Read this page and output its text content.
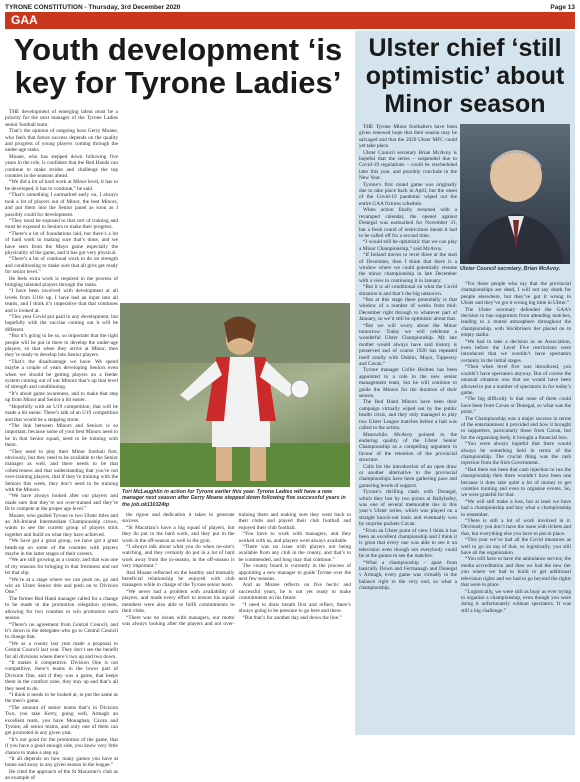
TYRONE CONSTITUTION - Thursday, 3rd December 2020	Page 13
GAA
Youth development ‘is key for Tyrone Ladies’

THE development of emerging talent must be a priority for the next manager of the Tyrone Ladies senior football team.

That’s the opinion of outgoing boss Gerry Moane, who feels that future success depends on the quality and progress of young players coming through the under-age ranks.

Moane, who has stepped down following five years in the role, is confident that the Red Hands can continue to make strides and challenge the top counties in the seasons ahead.

“We did a lot of hard work at Minor level, it has to be developed, it has to continue,” he said.

“That’s something I earmarked early on, I always took a lot of players out of Minor, the best Minors, and put them into the Senior panel as soon as I possibly could for development.

“They must be exposed to that sort of training and must be exposed to Seniors to make their progress.

“There’s a lot of foundations laid, but there’s a lot of hard work in making sure that’s done, and we have seen from the Mayo game especially the physicality of the game, and it has got very physical.

“There’s a lot of continual work to do on strength and conditioning to make sure that all girls get ready for senior level.”

He feels extra work is required in the process of bringing talented players through the ranks.

“I have been involved with development at all levels from U16s up, I have had an input into all teams, and I think it’s imperative that that continues and is looked at.

“This year Covid put paid to any development, but hopefully with the vaccine coming out it will be different.

“But it’s going to be so, so important that the right people will be put in there to develop the under-age players, so that when they arrive at Minor, then they’re ready to develop into Senior players.

“That’s the disadvantage we have. We spend maybe a couple of years developing Seniors even when we should be getting players on a feeder system coming out of our Minors that’s up that level of strength and conditioning.

“It’s about game awareness, and to make that step up from Minor and Senior a bit easier.

“Hopefully with an U19 competition, that will be made a bit easier. There’s talk of an U19 competition and that would be a stepping stone.

“The link between Minors and Seniors is so important, because some of your best Minors need to be in that Senior squad, need to be training with them.

“They need to play their Minor football first, obviously, but they need to be available to the Senior manager as well, and there needs to be that cohesiveness and that understanding that you’re not over-training players, that if they’re training with the Seniors this week, they don’t need to be training with the Minors.

“We have always looked after our players and made sure that they’re not over-trained and they’re fit to compete at the proper age level.”

Moane, who guided Tyrone to two Ulster titles and an All-Ireland Intermediate Championship crown, wants to see the current group of players stick together and build on what they have achieved.

“We have got a great group, we have got a great heads-up on some of the counties with players maybe in the latter stages of their careers.

“We are still growing as a county, and that was one of my reasons for bringing in that freshness and not let that slip.

“We’re at a stage where we can push on, go and win an Ulster Senior title and push on to Division One.”

The former Red Hand manager called for a change to be made in the promotion relegation system, allowing for two counties to win promotion each season.

“There’s no agreement from Central Council, and it’s down to the delegates who go to Central Council to change that.

“We as a county last year made a proposal to Central Council last year. They don’t see the benefit for all divisions where there’s two up and two down.

“It makes it competitive. Division One is not competitive, there’s teams in the lower part of Division One, and if they was a game, that keeps them in the comfort zone, they stay up and that’s all they need to do.

“I think it needs to be looked at, to put the same as the men’s game.

“The amount of senior teams that’s in Division Two, you take Kerry, going well, Armagh an excellent team, you have Monaghan, Cavan and Tyrone, all senior teams, and only one of them can get promoted in any given year.

“It’s not good for the promotion of the game, that if you have a good enough side, you know very little chance to make a step up.

“It all depends on how many games you have at home and away in any given season in the league.”

He cited the approach of the St Macartan’s club as an example of

Tori McLaughlin in action for Tyrone earlier this year. Tyrone Ladies will have a new manager next season after Gerry Moane stepped down following five successful years in the job.ok110324tp

the rigour and dedication it takes to generate success.

“St Macartan’s have a big squad of players, but they do put in the hard work, and they put in the work in the off-season as well in the gym.

“I always talk about what you do when no-one’s watching, and they certainly do put in a lot of hard work away from the in-season, in the off-season is very important.”

And Moane reflected on the healthy and mutually beneficial relationship he enjoyed with club managers while in charge of the Tyrone senior team.

“We never had a problem with availability of players, and made every effort to ensure his squad members were also able to fulfil commitments to their clubs.

“There was no issues with managers, our motto was always looking after the players and not over-training them and making sure they went back to their clubs and played their club football and enjoyed their club football.

“You have to work with managers, and they worked with us, and players were always available.

“There was no issue with players not being available from any club in the county, and that’s to be commended, and long may that continue.”

The county board is currently in the process of appointing a new manager to guide Tyrone over the next few seasons.

And as Moane reflects on five hectic and successful years, he is not yet ready to make commitments on his future.

“I need to draw breath first and reflect, there’s always going to be pressure to go here and there.

“But that’s for another day and down the line.”

Ulster chief ‘still optimistic’ about Minor season

THE Tyrone Minor footballers have been given renewed hope that their season may be salvaged and that the 2020 Ulster MFC could yet take place.

Ulster Council secretary Brian McAvoy is hopeful that the series – suspended due to Covid-19 regulations – could be rescheduled later this year, and possibly conclude in the New Year.

Tyrone’s first round game was originally due to take place back in April, but the onset of the Covid-19 pandemic wiped out the entire GAA fixtures schedule.

When action finally resumed with a revamped calendar, the opener against Donegal was earmarked for November 31, but a fresh round of restrictions meant it had to be called off for a second time.

“I would still be optimistic that we can play a Minor Championship,” said McAvoy.

“If Ireland moves to level three at the start of December, then I think that there is a window where we could potentially resume the minor championship in late December with a view to continuing it in January.

“But it is all conditional on what the Covid situation is and that’s the big unknown.

“But at this stage there potentially is that window of a number of weeks from mid-December right through to whatever part of January, so we’d still be optimistic about that.

“But we will worry about the Minor tomorrow. Today we will celebrate a wonderful Ulster Championship. My late mother would always have said history is preserved and of course 1920 has repeated itself totally with Dublin, Mayo, Tipperary and Cavan.”

Tyrone manager Collie Holmes has been appointed to a role in the new senior management team, but he will continue to guide the Minors for the duration of their season.

The Red Hand Minors have been their campaign virtually wiped out by the public health crisis, and they only managed to play two Ulster League matches before a halt was called to the action.

Meanwhile, McAvoy pointed to the enduring quality of the Ulster Senior Championship as a compelling argument in favour of the retention of the provincial structure.

Calls for the introduction of an open draw or another alternative to the provincial championships have been gathering pace and garnering levels of support.

Tyrone’s thrilling clash with Donegal, which they lost by two points at Ballybofey, was one of several memorable ties in this year’s Ulster series, which was played on a straight knock-out basis and eventually won by surprise packets Cavan.

“From an Ulster point of view I think it has been an excellent championship and I think it is great that every one was able to see it on television even though not everybody could be at the games to see the matches.

“What a championship – apart from basically Down and Fermanagh and Donegal v Armagh, every game was virtually in the balance right to the very end, so what a championship.

Ulster Council secretary, Brian McAvoy.

“For those people who say that the provincial championships are dead, I will not say death for people elsewhere, but they’ve got it wrong in Ulster and they’ve got it wrong big time in Ulster.”

The Ulster secretary defended the GAA’s decision to ban supporters from attending matches, leading to a muted atmosphere throughout the championship, with Stickbrisers tier placed on in empty stadia.

“We had to take a decision as an Association, even before the Level Five restrictions were introduced that we wouldn’t have spectators certainly in the initial stages.

“Then when level five was introduced, you couldn’t have spectators anyway. But of course the unusual situation was that we would have been allowed to put a number of spectators in for today’s game.

“The big difficulty is that none of them could have been from Cavan or Donegal, so what was the point.”

The Championship was a major success in terms of the entertainment it provided and how it brought to supporters, particularly those from Cavan, but for the organising body, it brought a financial loss.

“You were always hopeful that there would always be something held in terms of the championship. The crucial thing was the cash injection from the Irish Government.

“Had there not been that cash injection to run the championship then there wouldn’t have been one because it does take quite a lot of money to get counties training and even to organise events. So, we were grateful for that.

“We will still make a loss, but at least we have had a championship and boy what a championship to remember.

“There is still a lot of work involved in it. Obviously you don’t have the issue with tickets and that, but everything else you have to put in place.

“This year we’ve had all the Covid measures as well to go on top of that, so logistically, you still have all the organisation.

“You still have to have the ambulance service, the media accreditation and then we had the new tier you where we had to build to get additional television rights and we had to go beyond the rights that were in place.

“Logistically, we were still as busy as ever trying to organise a championship, even though you were doing it unfortunately without spectators. It was still a big challenge.”
